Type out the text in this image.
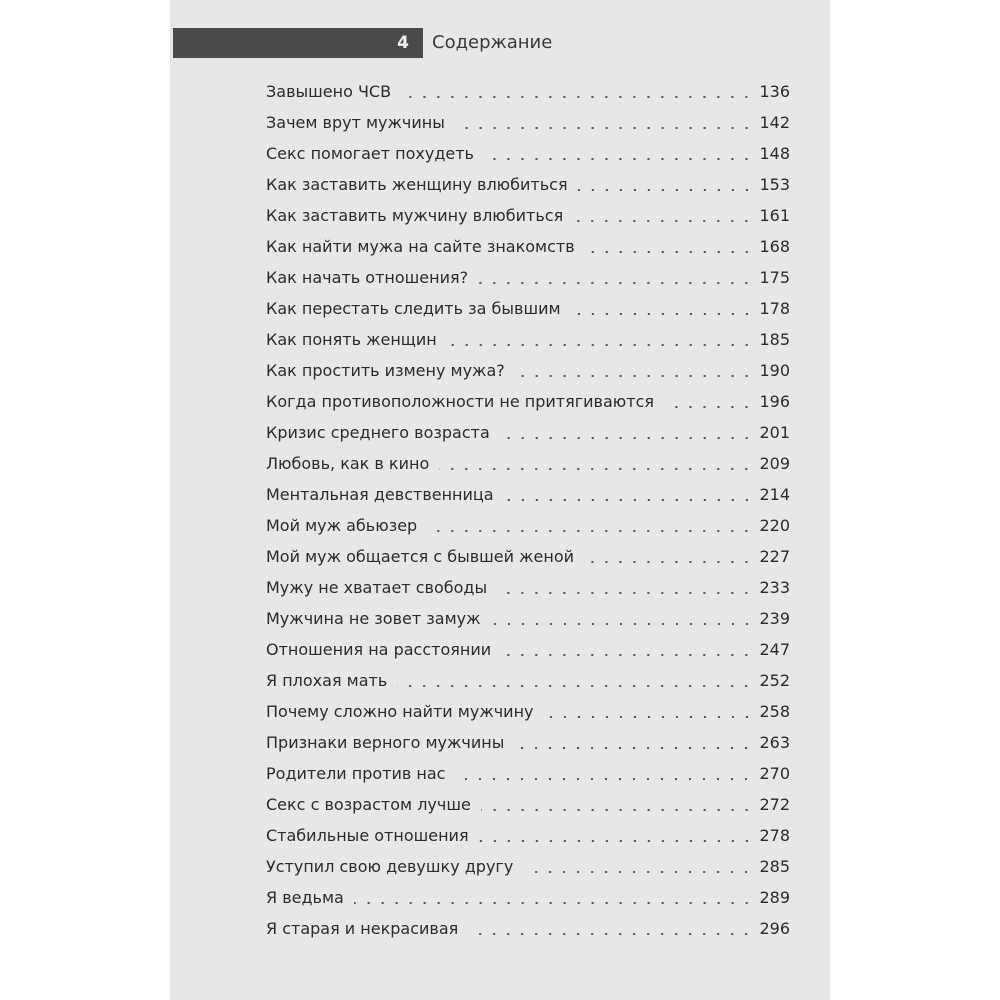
4 Содержание
Завышено ЧСВ	136
Зачем врут мужчины	142
Секс помогает похудеть	148
Как заставить женщину влюбиться	153
Как заставить мужчину влюбиться	161
Как найти мужа на сайте знакомств	168
Как начать отношения?	175
Как перестать следить за бывшим	178
Как понять женщин	185
Как простить измену мужа?	190
Когда противоположности не притягиваются	196
Кризис среднего возраста	201
Любовь, как в кино	209
Ментальная девственница	214
Мой муж абьюзер	220
Мой муж общается с бывшей женой	227
Мужу не хватает свободы	233
Мужчина не зовет замуж	239
Отношения на расстоянии	247
Я плохая мать	252
Почему сложно найти мужчину	258
Признаки верного мужчины	263
Родители против нас	270
Секс с возрастом лучше	272
Стабильные отношения	278
Уступил свою девушку другу	285
Я ведьма	289
Я старая и некрасивая	296
